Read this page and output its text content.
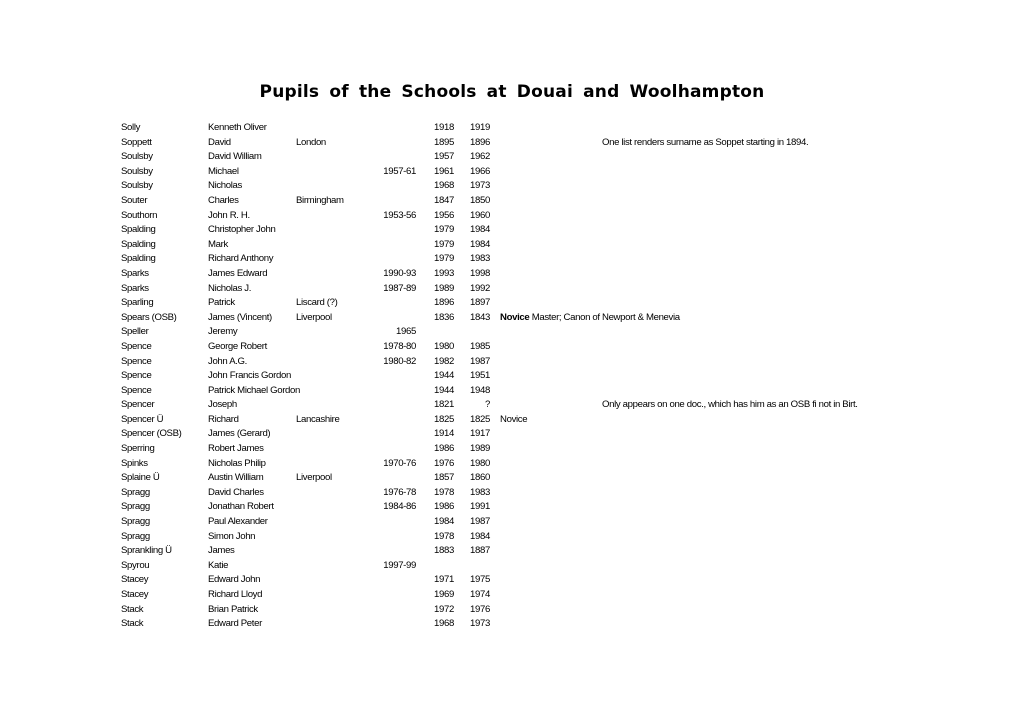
Pupils of the Schools at Douai and Woolhampton
Solly	Kenneth Oliver	1918	1919
Soppett	David	London	1895	1896	One list renders surname as Soppet starting in 1894.
Soulsby	David William	1957	1962
Soulsby	Michael	1957-61	1961	1966
Soulsby	Nicholas	1968	1973
Souter	Charles	Birmingham	1847	1850
Southorn	John R. H.	1953-56	1956	1960
Spalding	Christopher John	1979	1984
Spalding	Mark	1979	1984
Spalding	Richard Anthony	1979	1983
Sparks	James Edward	1990-93	1993	1998
Sparks	Nicholas J.	1987-89	1989	1992
Sparling	Patrick	Liscard (?)	1896	1897
Spears (OSB)	James (Vincent)	Liverpool	1836	1843 Novice Master; Canon of Newport & Menevia
Speller	Jeremy	1965
Spence	George Robert	1978-80	1980	1985
Spence	John A.G.	1980-82	1982	1987
Spence	John Francis Gordon	1944	1951
Spence	Patrick Michael Gordon	1944	1948
Spencer	Joseph	1821	?	Only appears on one doc., which has him as an OSB fi not in Birt.
Spencer Ü	Richard	Lancashire	1825	1825 Novice
Spencer (OSB)	James (Gerard)	1914	1917
Sperring	Robert James	1986	1989
Spinks	Nicholas Philip	1970-76	1976	1980
Splaine Ü	Austin William	Liverpool	1857	1860
Spragg	David Charles	1976-78	1978	1983
Spragg	Jonathan Robert	1984-86	1986	1991
Spragg	Paul Alexander	1984	1987
Spragg	Simon John	1978	1984
Sprankling Ü	James	1883	1887
Spyrou	Katie	1997-99
Stacey	Edward John	1971	1975
Stacey	Richard Lloyd	1969	1974
Stack	Brian Patrick	1972	1976
Stack	Edward Peter	1968	1973
